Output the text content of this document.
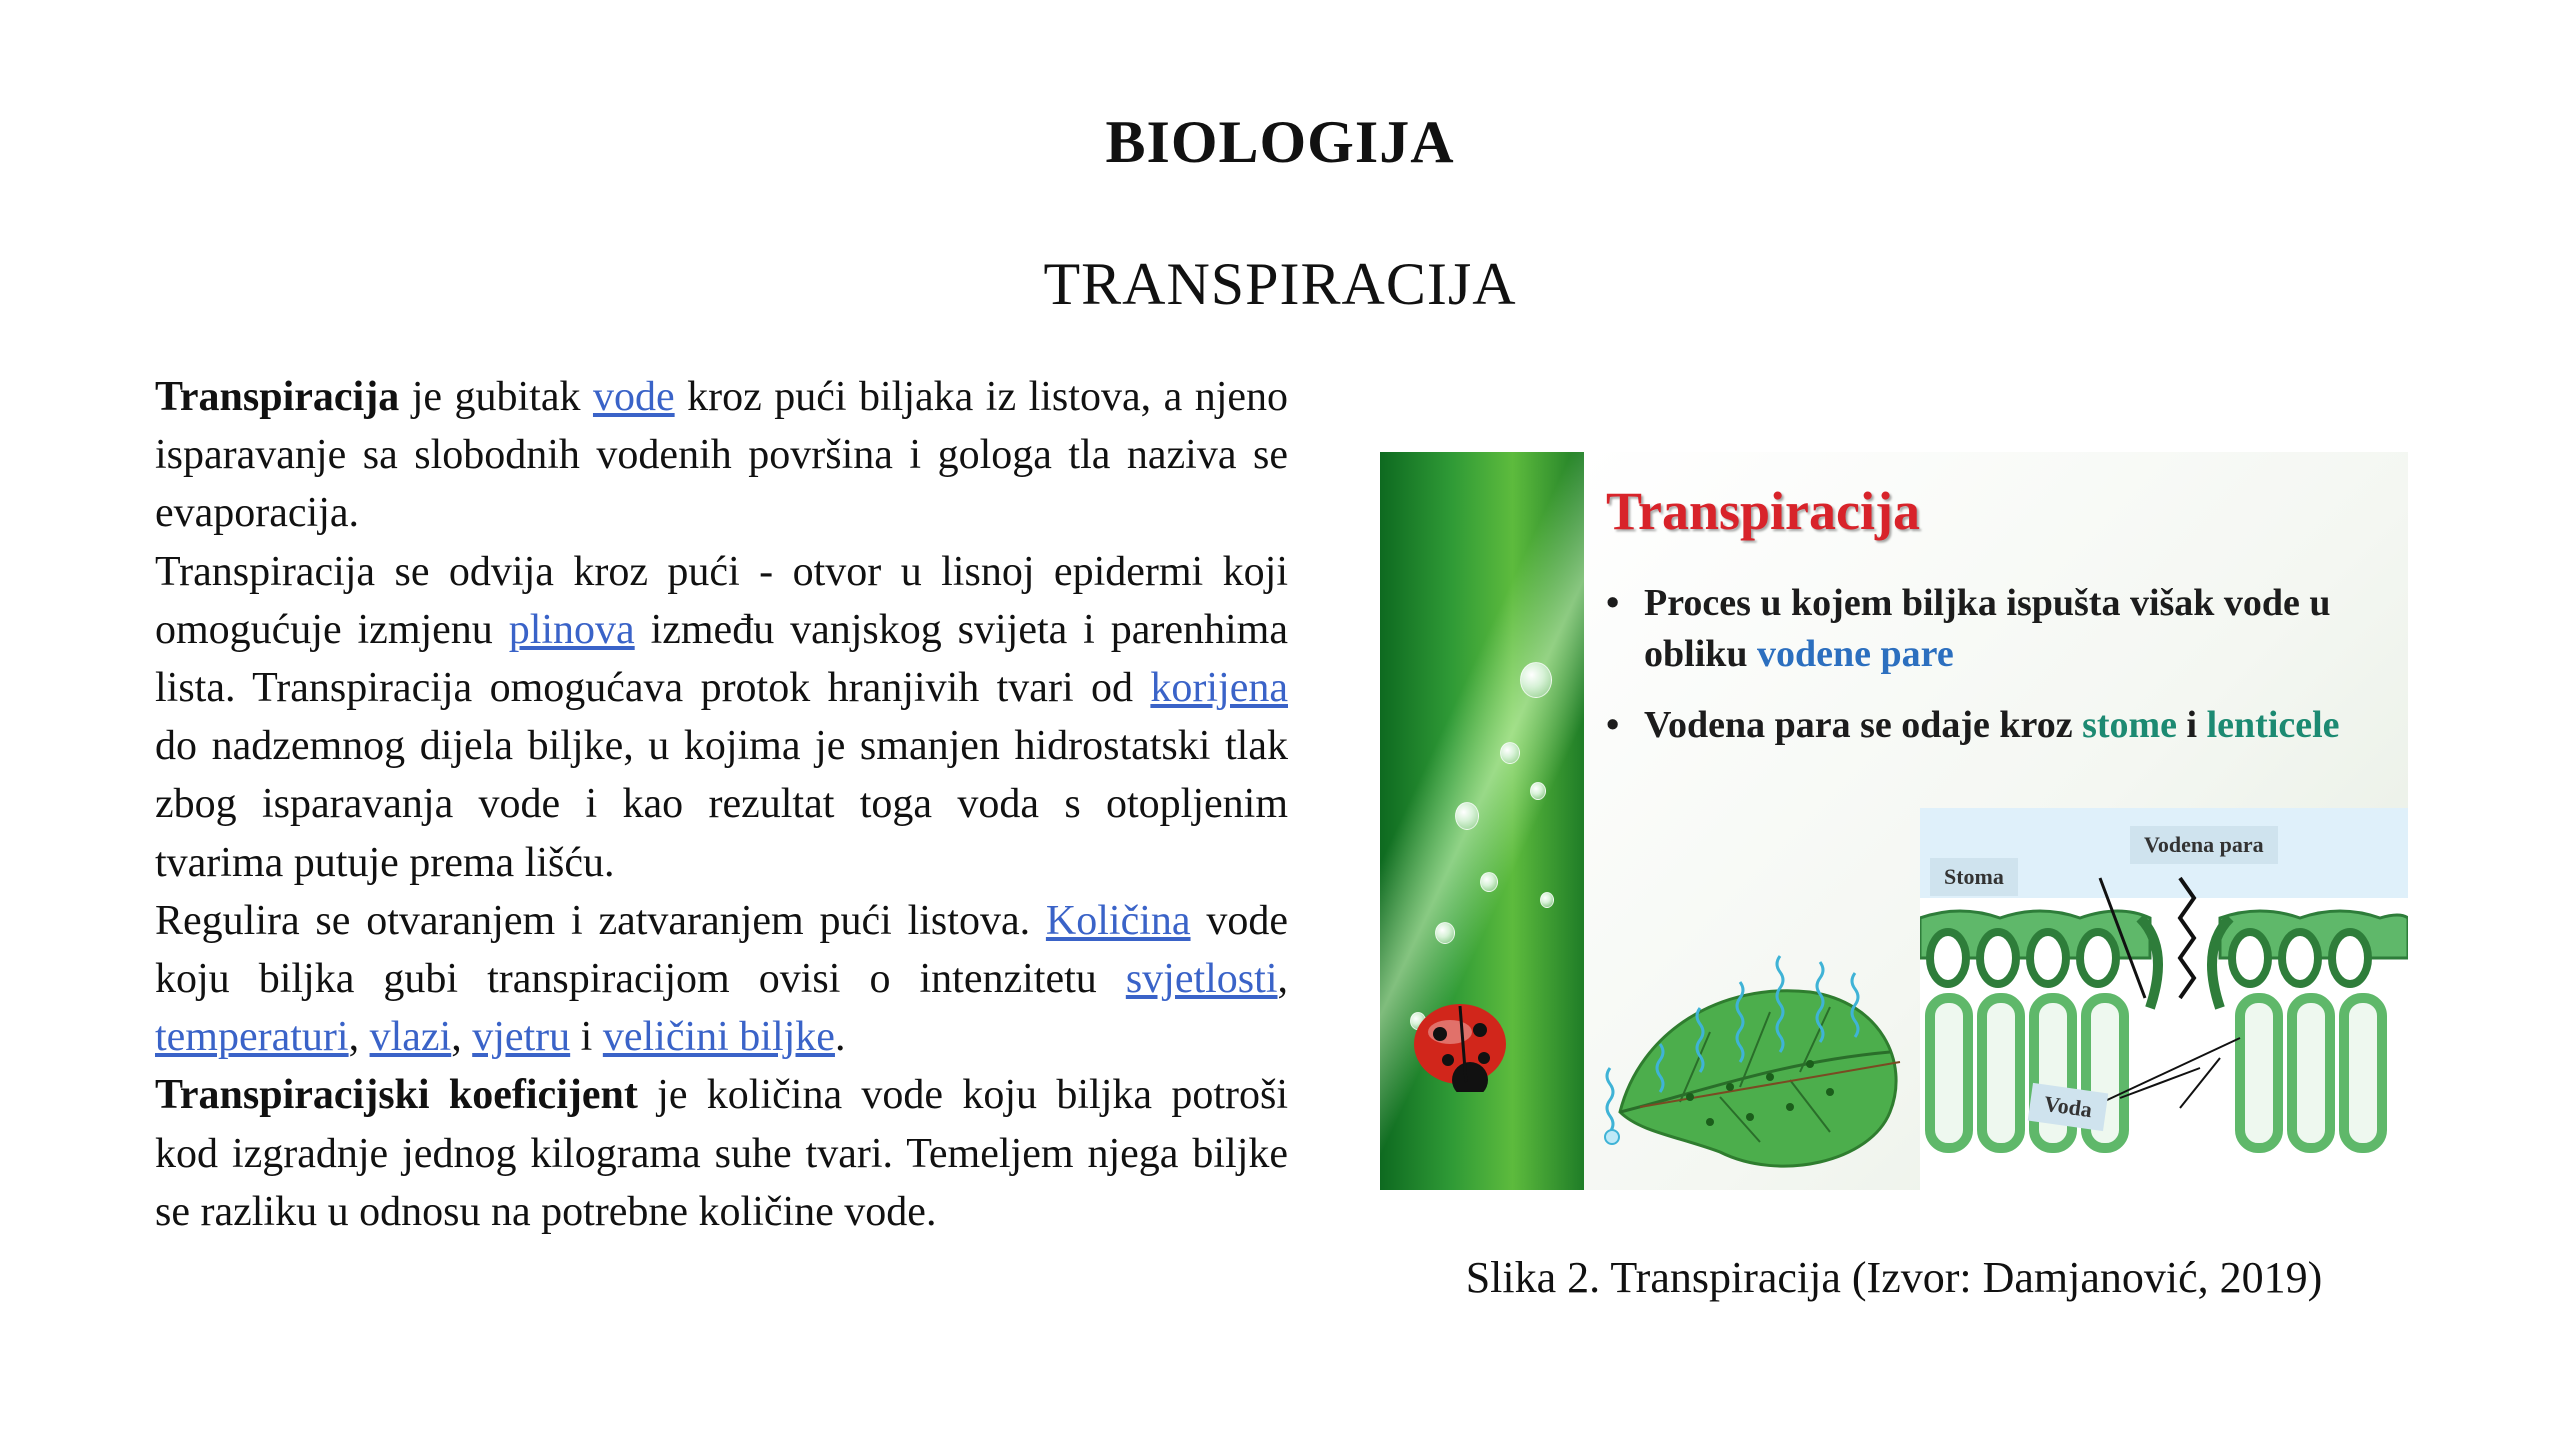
BIOLOGIJA
TRANSPIRACIJA

Transpiracija je gubitak vode kroz pući biljaka iz listova, a njeno isparavanje sa slobodnih vodenih površina i gologa tla naziva se evaporacija.

Transpiracija se odvija kroz pući - otvor u lisnoj epidermi koji omogućuje izmjenu plinova između vanjskog svijeta i parenhima lista. Transpiracija omogućava protok hranjivih tvari od korijena do nadzemnog dijela biljke, u kojima je smanjen hidrostatski tlak zbog isparavanja vode i kao rezultat toga voda s otopljenim tvarima putuje prema lišću.

Regulira se otvaranjem i zatvaranjem pući listova. Količina vode koju biljka gubi transpiracijom ovisi o intenzitetu svjetlosti, temperaturi, vlazi, vjetru i veličini biljke.

Transpiracijski koeficijent je količina vode koju biljka potroši kod izgradnje jednog kilograma suhe tvari. Temeljem njega biljke se razliku u odnosu na potrebne količine vode.

Transpiracija
• Proces u kojem biljka ispušta višak vode u obliku vodene pare
• Vodena para se odaje kroz stome i lenticele
Stoma
Vodena para
Voda
Slika 2. Transpiracija (Izvor: Damjanović, 2019)
